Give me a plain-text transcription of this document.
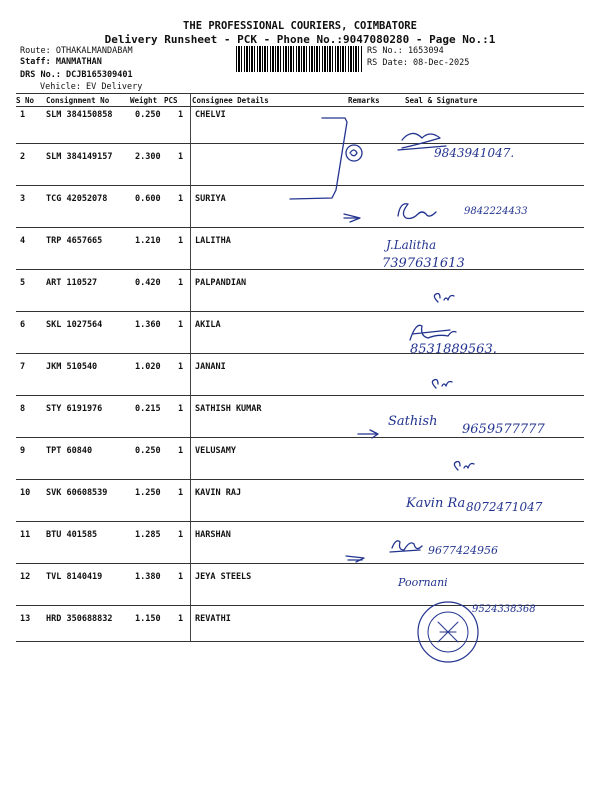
THE PROFESSIONAL COURIERS, COIMBATORE
Delivery Runsheet - PCK - Phone No.:9047080280 - Page No.:1
Route: OTHAKALMANDABAM
Staff: MANMATHAN
DRS No.: DCJB165309401
Vehicle: EV Delivery
RS No.: 1653094
RS Date: 08-Dec-2025
S No Consignment No	Weight PCS Consignee Details	Remarks	Seal & Signature
1 SLM 384150858	0.250 1 CHELVI
2 SLM 384149157	2.300 1
3 TCG 42052078	0.600 1 SURIYA
4 TRP 4657665	1.210 1 LALITHA
5 ART 110527	0.420 1 PALPANDIAN
6 SKL 1027564	1.360 1 AKILA
7 JKM 510540	1.020 1 JANANI
8 STY 6191976	0.215 1 SATHISH KUMAR
9 TPT 60840	0.250 1 VELUSAMY
10 SVK 60608539	1.250 1 KAVIN RAJ
11 BTU 401585	1.285 1 HARSHAN
12 TVL 8140419	1.380 1 JEYA STEELS
13 HRD 350688832	1.150 1 REVATHI
9843941047.
9842224433
J.Lalitha
7397631613
8531889563.
Sathish
9659577777
Kavin Ra 8072471047
9677424956
Poornani
9524338368
